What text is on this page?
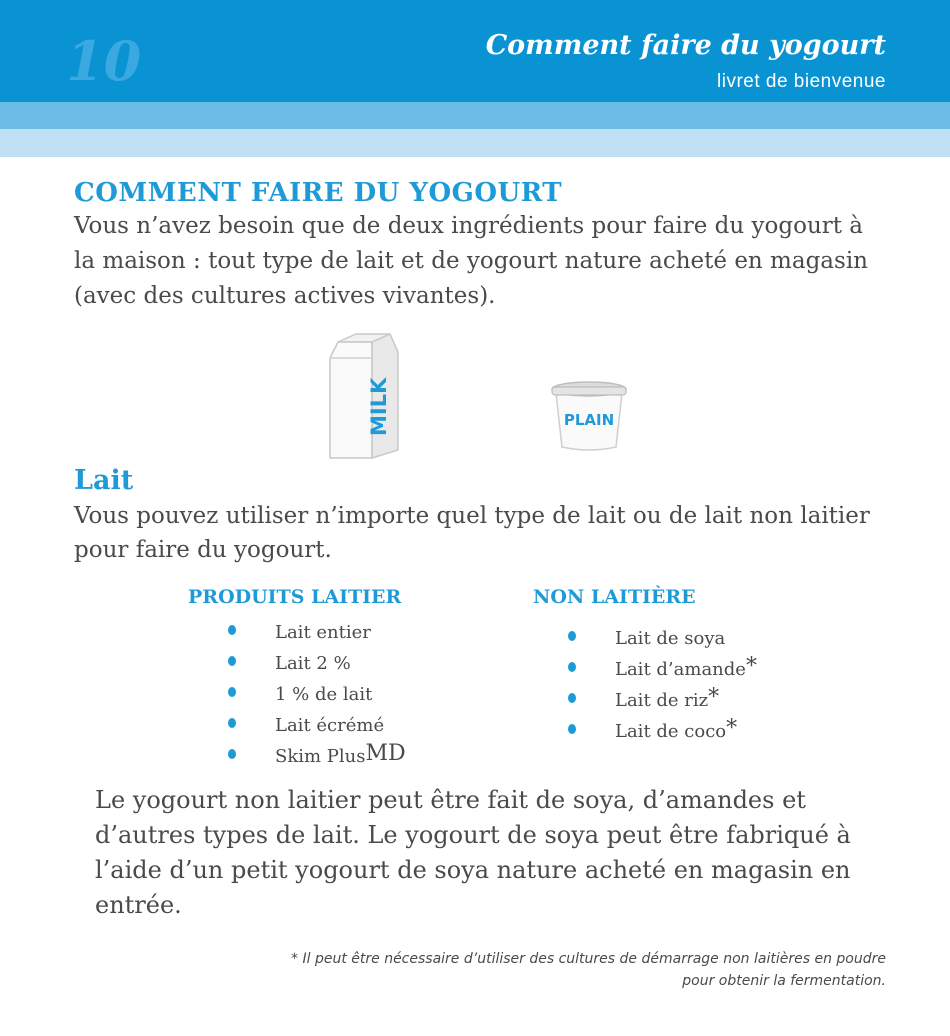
10	Comment faire du yogourt
livret de bienvenue
COMMENT FAIRE DU YOGOURT

Vous n’avez besoin que de deux ingrédients pour faire du yogourt à la maison : tout type de lait et de yogourt nature acheté en magasin (avec des cultures actives vivantes).

MILK	PLAIN
Lait

Vous pouvez utiliser n’importe quel type de lait ou de lait non laitier pour faire du yogourt.

PRODUITS LAITIER
Lait entier
Lait 2 %
1 % de lait
Lait écrémé
Skim PlusMD
NON LAITIÈRE
Lait de soya
Lait d’amande*
Lait de riz*
Lait de coco*

Le yogourt non laitier peut être fait de soya, d’amandes et d’autres types de lait. Le yogourt de soya peut être fabriqué à l’aide d’un petit yogourt de soya nature acheté en magasin en entrée.

* Il peut être nécessaire d’utiliser des cultures de démarrage non laitières en poudre pour obtenir la fermentation.
